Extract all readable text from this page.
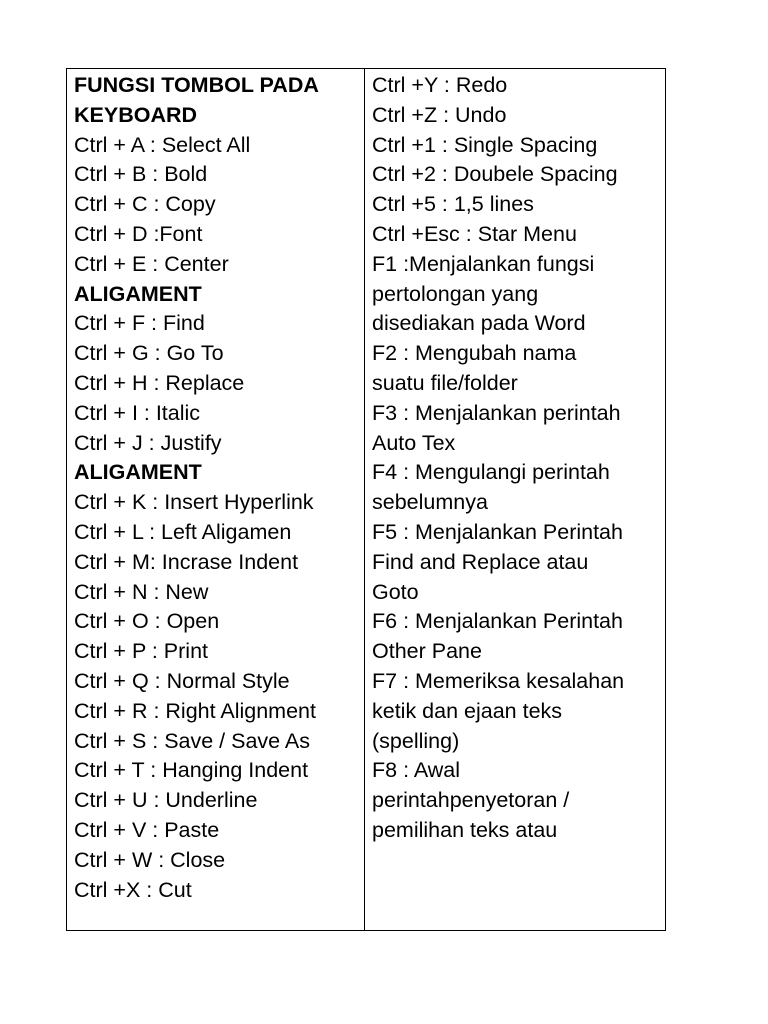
FUNGSI TOMBOL PADA
KEYBOARD
Ctrl + A : Select All
Ctrl + B : Bold
Ctrl + C : Copy
Ctrl + D :Font
Ctrl + E : Center
ALIGAMENT
Ctrl + F : Find
Ctrl + G : Go To
Ctrl + H : Replace
Ctrl + I : Italic
Ctrl + J : Justify
ALIGAMENT
Ctrl + K : Insert Hyperlink
Ctrl + L : Left Aligamen
Ctrl + M: Incrase Indent
Ctrl + N : New
Ctrl + O : Open
Ctrl + P : Print
Ctrl + Q : Normal Style
Ctrl + R : Right Alignment
Ctrl + S : Save / Save As
Ctrl + T : Hanging Indent
Ctrl + U : Underline
Ctrl + V : Paste
Ctrl + W : Close
Ctrl +X : Cut

Ctrl +Y : Redo
Ctrl +Z : Undo
Ctrl +1 : Single Spacing
Ctrl +2 : Doubele Spacing
Ctrl +5 : 1,5 lines
Ctrl +Esc : Star Menu
F1 :Menjalankan fungsi
pertolongan yang
disediakan pada Word
F2 : Mengubah nama
suatu file/folder
F3 : Menjalankan perintah
Auto Tex
F4 : Mengulangi perintah
sebelumnya
F5 : Menjalankan Perintah
Find and Replace atau
Goto
F6 : Menjalankan Perintah
Other Pane
F7 : Memeriksa kesalahan
ketik dan ejaan teks
(spelling)
F8 : Awal
perintahpenyetoran /
pemilihan teks atau
